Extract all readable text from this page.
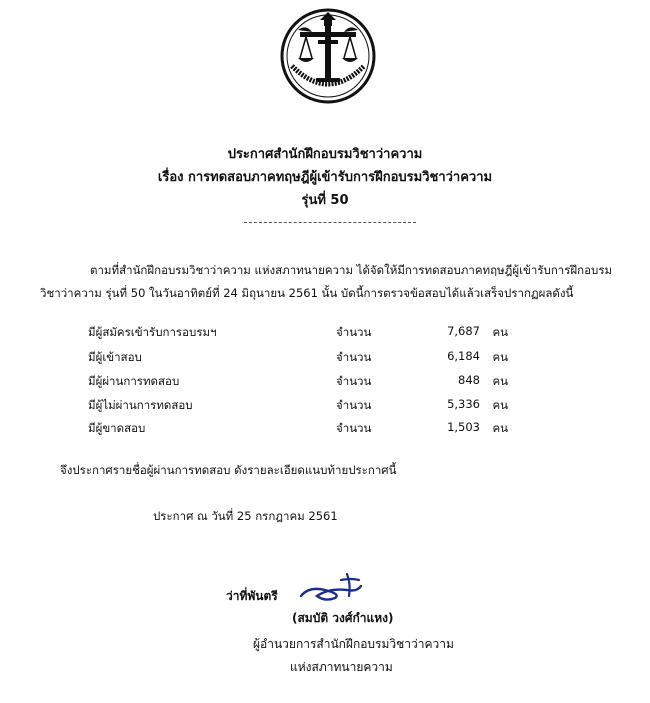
ประกาศสำนักฝึกอบรมวิชาว่าความ
เรื่อง การทดสอบภาคทฤษฎีผู้เข้ารับการฝึกอบรมวิชาว่าความ
รุ่นที่ 50
ตามที่สำนักฝึกอบรมวิชาว่าความ แห่งสภาทนายความ ได้จัดให้มีการทดสอบภาคทฤษฎีผู้เข้ารับการฝึกอบรม
วิชาว่าความ รุ่นที่ 50 ในวันอาทิตย์ที่ 24 มิถุนายน 2561 นั้น บัดนี้การตรวจข้อสอบได้แล้วเสร็จปรากฏผลดังนี้
มีผู้สมัครเข้ารับการอบรมฯ	จำนวน	7,687 คน
มีผู้เข้าสอบ	จำนวน	6,184 คน
มีผู้ผ่านการทดสอบ	จำนวน	848 คน
มีผู้ไม่ผ่านการทดสอบ	จำนวน	5,336 คน
มีผู้ขาดสอบ	จำนวน	1,503 คน
จึงประกาศรายชื่อผู้ผ่านการทดสอบ ดังรายละเอียดแนบท้ายประกาศนี้
ประกาศ ณ วันที่ 25 กรกฎาคม 2561
ว่าที่พันตรี
(สมบัติ วงศ์กำแหง)
ผู้อำนวยการสำนักฝึกอบรมวิชาว่าความ
แห่งสภาทนายความ
